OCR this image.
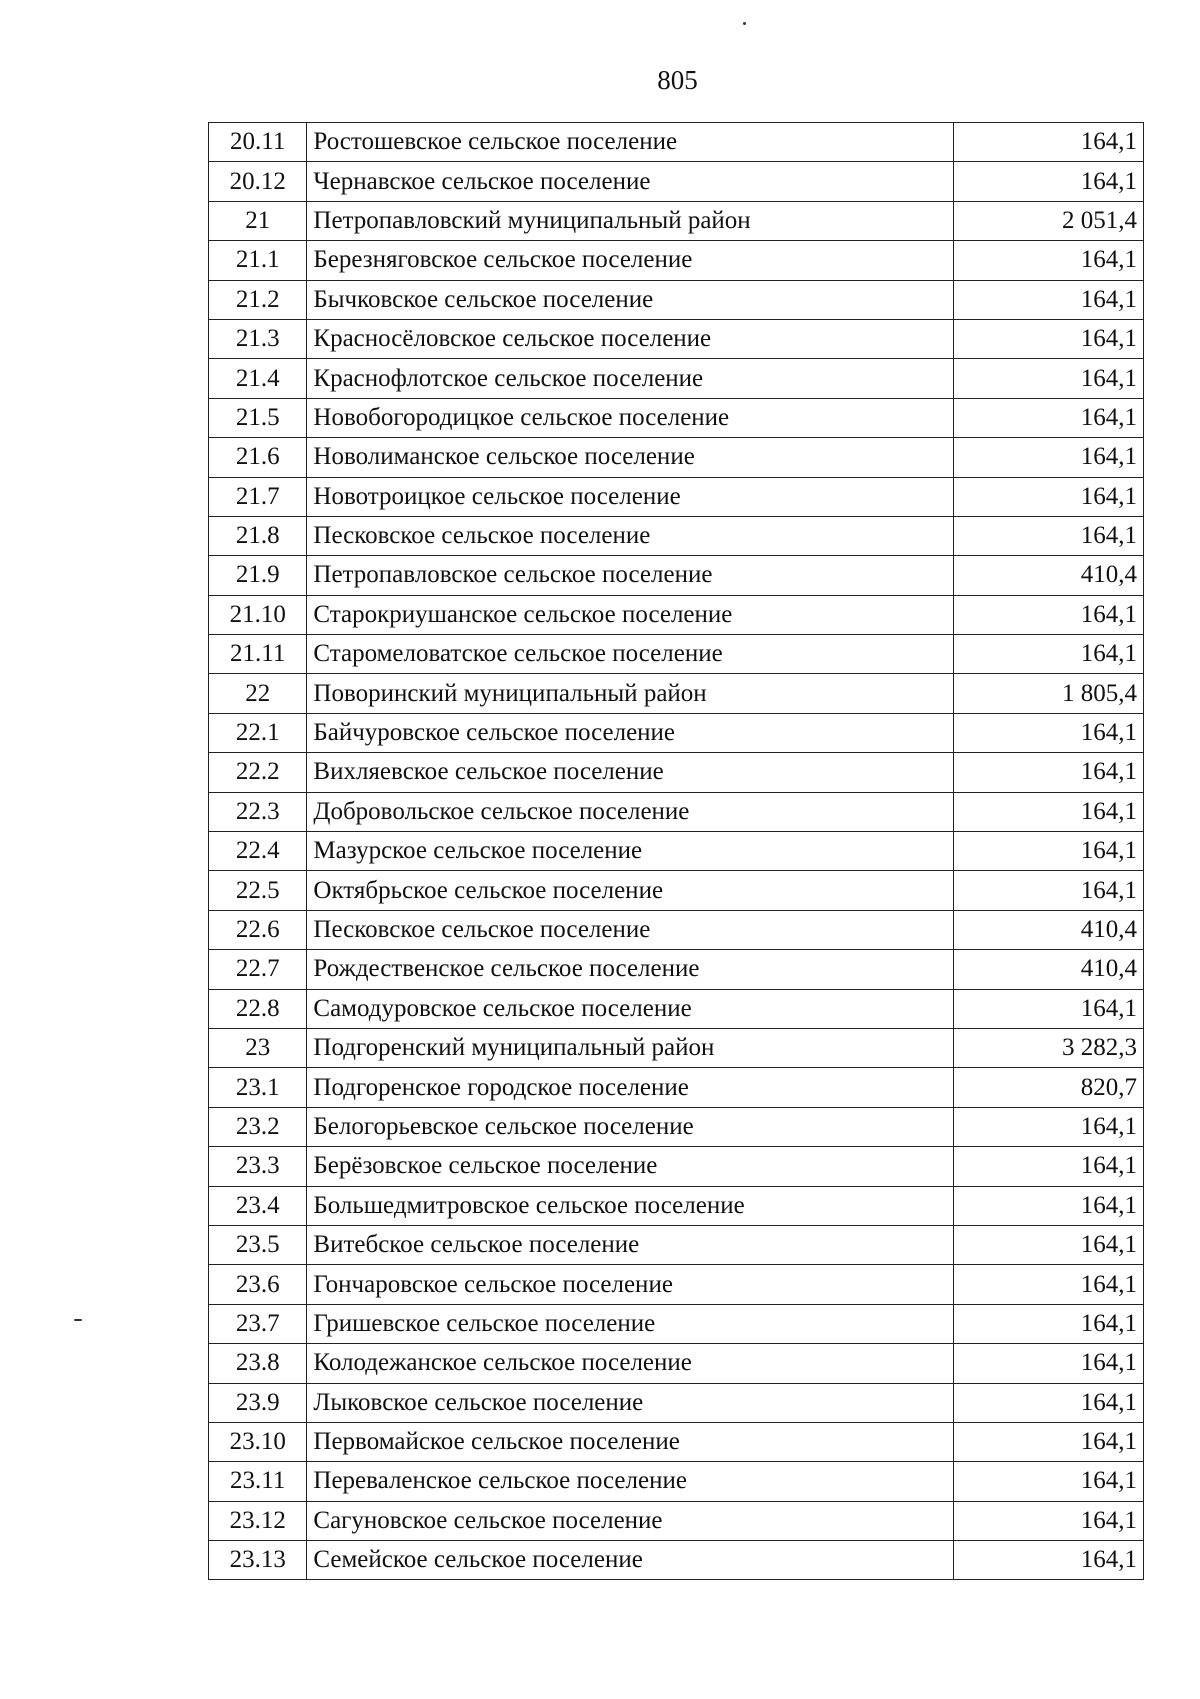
805
20.11	Ростошевское сельское поселение	164,1
20.12	Чернавское сельское поселение	164,1
21	Петропавловский муниципальный район	2 051,4
21.1	Березняговское сельское поселение	164,1
21.2	Бычковское сельское поселение	164,1
21.3	Красносёловское сельское поселение	164,1
21.4	Краснофлотское сельское поселение	164,1
21.5	Новобогородицкое сельское поселение	164,1
21.6	Новолиманское сельское поселение	164,1
21.7	Новотроицкое сельское поселение	164,1
21.8	Песковское сельское поселение	164,1
21.9	Петропавловское сельское поселение	410,4
21.10	Старокриушанское сельское поселение	164,1
21.11	Старомеловатское сельское поселение	164,1
22	Поворинский муниципальный район	1 805,4
22.1	Байчуровское сельское поселение	164,1
22.2	Вихляевское сельское поселение	164,1
22.3	Добровольское сельское поселение	164,1
22.4	Мазурское сельское поселение	164,1
22.5	Октябрьское сельское поселение	164,1
22.6	Песковское сельское поселение	410,4
22.7	Рождественское сельское поселение	410,4
22.8	Самодуровское сельское поселение	164,1
23	Подгоренский муниципальный район	3 282,3
23.1	Подгоренское городское поселение	820,7
23.2	Белогорьевское сельское поселение	164,1
23.3	Берёзовское сельское поселение	164,1
23.4	Большедмитровское сельское поселение	164,1
23.5	Витебское сельское поселение	164,1
23.6	Гончаровское сельское поселение	164,1
23.7	Гришевское сельское поселение	164,1
23.8	Колодежанское сельское поселение	164,1
23.9	Лыковское сельское поселение	164,1
23.10	Первомайское сельское поселение	164,1
23.11	Переваленское сельское поселение	164,1
23.12	Сагуновское сельское поселение	164,1
23.13	Семейское сельское поселение	164,1
